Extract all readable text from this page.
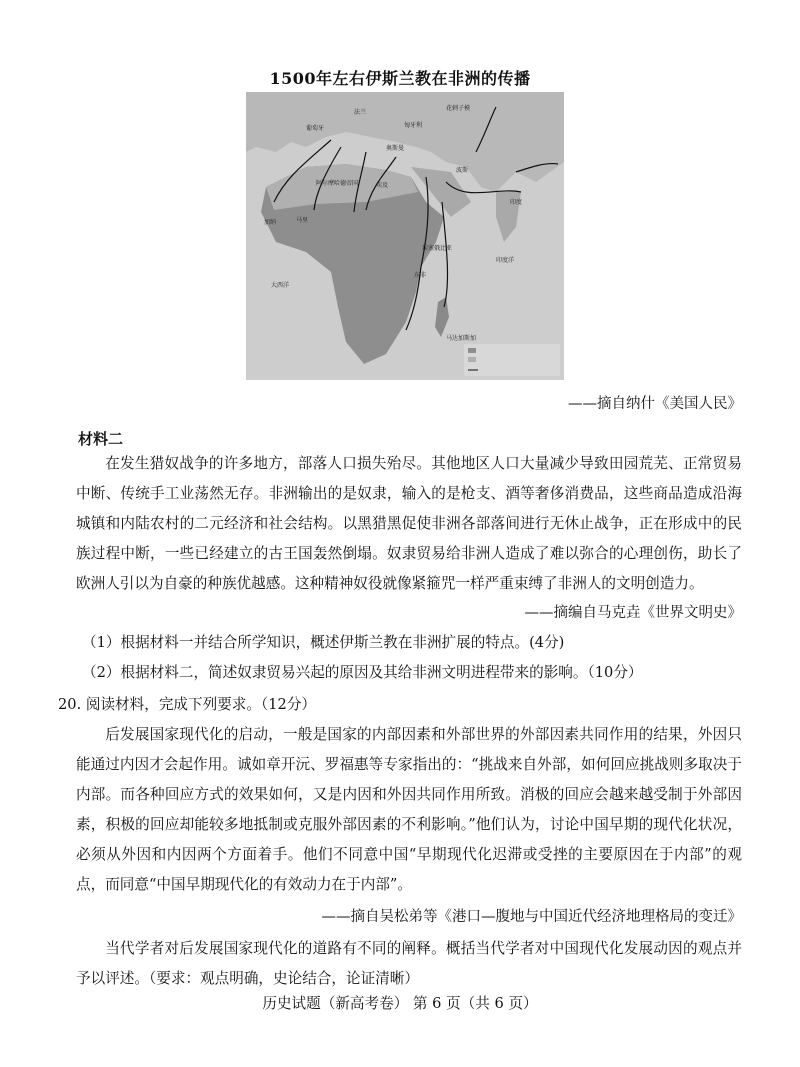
1500年左右伊斯兰教在非洲的传播
葡萄牙
法兰
匈牙利
花剌子模
奥斯曼
阿尔摩哈德帝国	埃及
波斯
印度
加纳	马里
埃塞俄比亚
东非
马达加斯加
大西洋
印度洋
——摘自纳什《美国人民》
材料二

在发生猎奴战争的许多地方，部落人口损失殆尽。其他地区人口大量减少导致田园荒芜、正常贸易中断、传统手工业荡然无存。非洲输出的是奴隶，输入的是枪支、酒等奢侈消费品，这些商品造成沿海城镇和内陆农村的二元经济和社会结构。以黑猎黑促使非洲各部落间进行无休止战争，正在形成中的民族过程中断，一些已经建立的古王国轰然倒塌。奴隶贸易给非洲人造成了难以弥合的心理创伤，助长了欧洲人引以为自豪的种族优越感。这种精神奴役就像紧箍咒一样严重束缚了非洲人的文明创造力。

——摘编自马克垚《世界文明史》
（1）根据材料一并结合所学知识，概述伊斯兰教在非洲扩展的特点。(4分)
（2）根据材料二，简述奴隶贸易兴起的原因及其给非洲文明进程带来的影响。（10分）
20. 阅读材料，完成下列要求。（12分）

后发展国家现代化的启动，一般是国家的内部因素和外部世界的外部因素共同作用的结果，外因只能通过内因才会起作用。诚如章开沅、罗福惠等专家指出的：“挑战来自外部，如何回应挑战则多取决于内部。而各种回应方式的效果如何，又是内因和外因共同作用所致。消极的回应会越来越受制于外部因素，积极的回应却能较多地抵制或克服外部因素的不利影响。”他们认为，讨论中国早期的现代化状况，必须从外因和内因两个方面着手。他们不同意中国“早期现代化迟滞或受挫的主要原因在于内部”的观点，而同意“中国早期现代化的有效动力在于内部”。

——摘自吴松弟等《港口—腹地与中国近代经济地理格局的变迁》

当代学者对后发展国家现代化的道路有不同的阐释。概括当代学者对中国现代化发展动因的观点并予以评述。（要求：观点明确，史论结合，论证清晰）

历史试题（新高考卷） 第 6 页（共 6 页）
